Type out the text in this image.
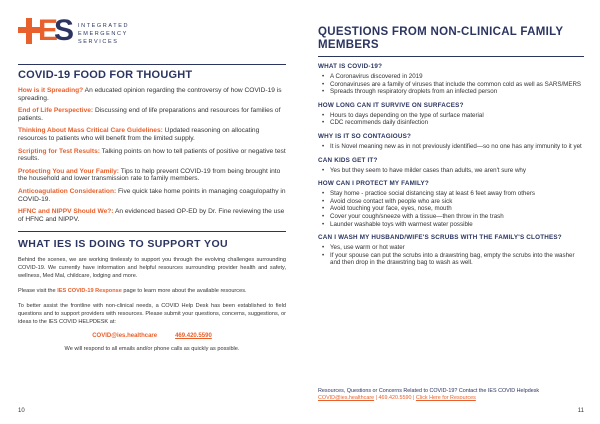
E
S INTEGRATED
EMERGENCY
SERVICES
COVID-19 FOOD FOR THOUGHT

How is it Spreading? An educated opinion regarding the controversy of how COVID-19 is spreading.

End of Life Perspective: Discussing end of life preparations and resources for families of patients.

Thinking About Mass Critical Care Guidelines: Updated reasoning on allocating resources to patients who will benefit from the limited supply.

Scripting for Test Results: Talking points on how to tell patients of positive or negative test results.

Protecting You and Your Family: Tips to help prevent COVID-19 from being brought into the household and lower transmission rate to family members.

Anticoagulation Consideration: Five quick take home points in managing coagulopathy in COVID-19.

HFNC and NIPPV Should We?: An evidenced based OP-ED by Dr. Fine reviewing the use of HFNC and NIPPV.

WHAT IES IS DOING TO SUPPORT YOU

Behind the scenes, we are working tirelessly to support you through the evolving challenges surrounding COVID-19. We currently have information and helpful resources surrounding provider health and safety, wellness, Med Mal, childcare, lodging and more.

Please visit the IES COVID-19 Response page to learn more about the available resources.

To better assist the frontline with non-clinical needs, a COVID Help Desk has been established to field questions and to support providers with resources. Please submit your questions, concerns, suggestions, or ideas to the IES COVID HELPDESK at:

COVID@ies.healthcare	469.420.5590

We will respond to all emails and/or phone calls as quickly as possible.

10
QUESTIONS FROM NON-CLINICAL FAMILY MEMBERS
WHAT IS COVID-19?
• A Coronavirus discovered in 2019
• Coronaviruses are a family of viruses that include the common cold as well as SARS/MERS
• Spreads through respiratory droplets from an infected person
HOW LONG CAN IT SURVIVE ON SURFACES?
• Hours to days depending on the type of surface material
• CDC recommends daily disinfection
WHY IS IT SO CONTAGIOUS?
• It is Novel meaning new as in not previously identified—so no one has any immunity to it yet
CAN KIDS GET IT?
• Yes but they seem to have milder cases than adults, we aren't sure why
HOW CAN I PROTECT MY FAMILY?
• Stay home - practice social distancing stay at least 6 feet away from others
• Avoid close contact with people who are sick
• Avoid touching your face, eyes, nose, mouth
• Cover your cough/sneeze with a tissue—then throw in the trash
• Launder washable toys with warmest water possible
CAN I WASH MY HUSBAND/WIFE'S SCRUBS WITH THE FAMILY'S CLOTHES?
• Yes, use warm or hot water
• If your spouse can put the scrubs into a drawstring bag, empty the scrubs into the washer and then drop in the drawstring bag to wash as well.
Resources, Questions or Concerns Related to COVID-19? Contact the IES COVID Helpdesk
COVID@ies.healthcare | 469.420.5590 | Click Here for Resources
11
